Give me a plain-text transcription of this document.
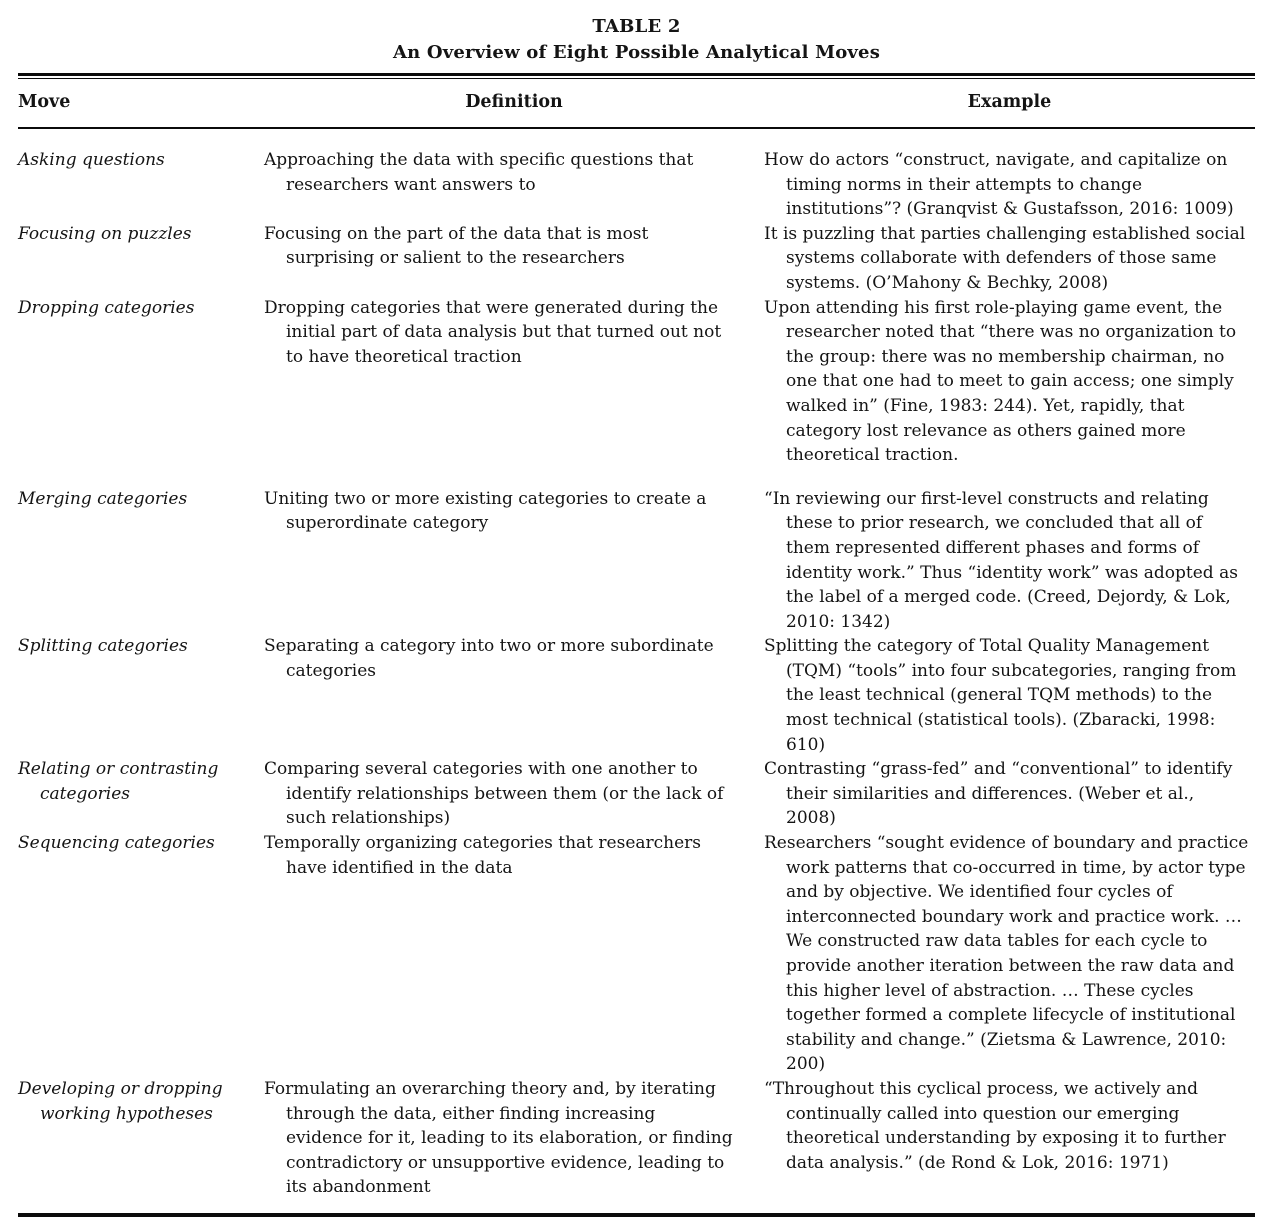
TABLE 2
An Overview of Eight Possible Analytical Moves
Move	Definition	Example
Asking questions	Approaching the data with specific questions that researchers want answers to	How do actors “construct, navigate, and capitalize on timing norms in their attempts to change institutions”? (Granqvist & Gustafsson, 2016: 1009)
Focusing on puzzles	Focusing on the part of the data that is most surprising or salient to the researchers	It is puzzling that parties challenging established social systems collaborate with defenders of those same systems. (O’Mahony & Bechky, 2008)
Dropping categories	Dropping categories that were generated during the initial part of data analysis but that turned out not to have theoretical traction	Upon attending his first role-playing game event, the researcher noted that “there was no organization to the group: there was no membership chairman, no one that one had to meet to gain access; one simply walked in” (Fine, 1983: 244). Yet, rapidly, that category lost relevance as others gained more theoretical traction.
Merging categories	Uniting two or more existing categories to create a superordinate category	“In reviewing our first-level constructs and relating these to prior research, we concluded that all of them represented different phases and forms of identity work.” Thus “identity work” was adopted as the label of a merged code. (Creed, Dejordy, & Lok, 2010: 1342)
Splitting categories	Separating a category into two or more subordinate categories	Splitting the category of Total Quality Management (TQM) “tools” into four subcategories, ranging from the least technical (general TQM methods) to the most technical (statistical tools). (Zbaracki, 1998: 610)
Relating or contrasting categories	Comparing several categories with one another to identify relationships between them (or the lack of such relationships)	Contrasting “grass-fed” and “conventional” to identify their similarities and differences. (Weber et al., 2008)
Sequencing categories	Temporally organizing categories that researchers have identified in the data	Researchers “sought evidence of boundary and practice work patterns that co-occurred in time, by actor type and by objective. We identified four cycles of interconnected boundary work and practice work. … We constructed raw data tables for each cycle to provide another iteration between the raw data and this higher level of abstraction. … These cycles together formed a complete lifecycle of institutional stability and change.” (Zietsma & Lawrence, 2010: 200)
Developing or dropping working hypotheses	Formulating an overarching theory and, by iterating through the data, either finding increasing evidence for it, leading to its elaboration, or finding contradictory or unsupportive evidence, leading to its abandonment	“Throughout this cyclical process, we actively and continually called into question our emerging theoretical understanding by exposing it to further data analysis.” (de Rond & Lok, 2016: 1971)
